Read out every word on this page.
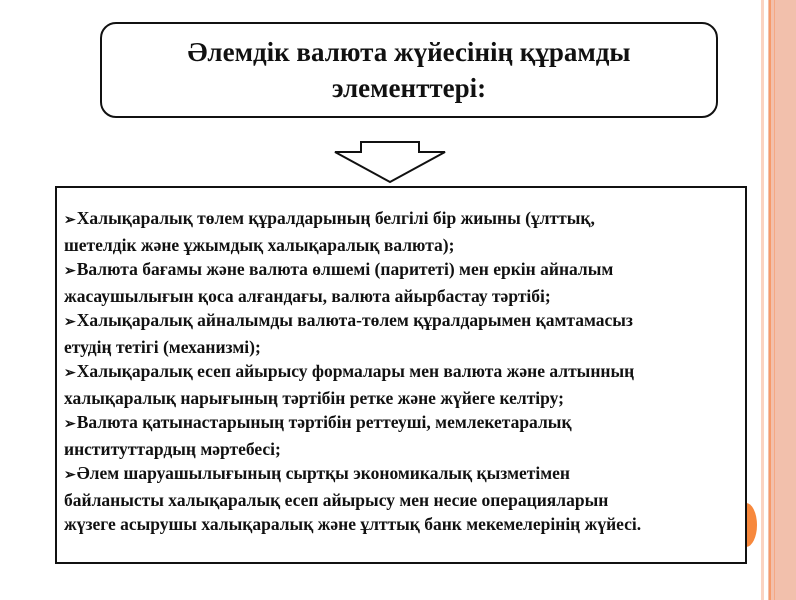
Әлемдік валюта жүйесінің құрамды
элементтері:
➢Халықаралық төлем құралдарының белгілі бір жиыны (ұлттық,
шетелдік және ұжымдық халықаралық валюта);
➢Валюта бағамы және валюта өлшемі (паритеті) мен еркін айналым
жасаушылығын қоса алғандағы, валюта айырбастау тәртібі;
➢Халықаралық айналымды валюта-төлем құралдарымен қамтамасыз
етудің тетігі (механизмі);
➢Халықаралық есеп айырысу формалары мен валюта және алтынның
халықаралық нарығының тәртібін ретке және жүйеге келтіру;
➢Валюта қатынастарының тәртібін реттеуші, мемлекетаралық
институттардың мәртебесі;
➢Әлем шаруашылығының сыртқы экономикалық қызметімен
байланысты халықаралық есеп айырысу мен несие операцияларын
жүзеге асырушы халықаралық және ұлттық банк мекемелерінің жүйесі.
